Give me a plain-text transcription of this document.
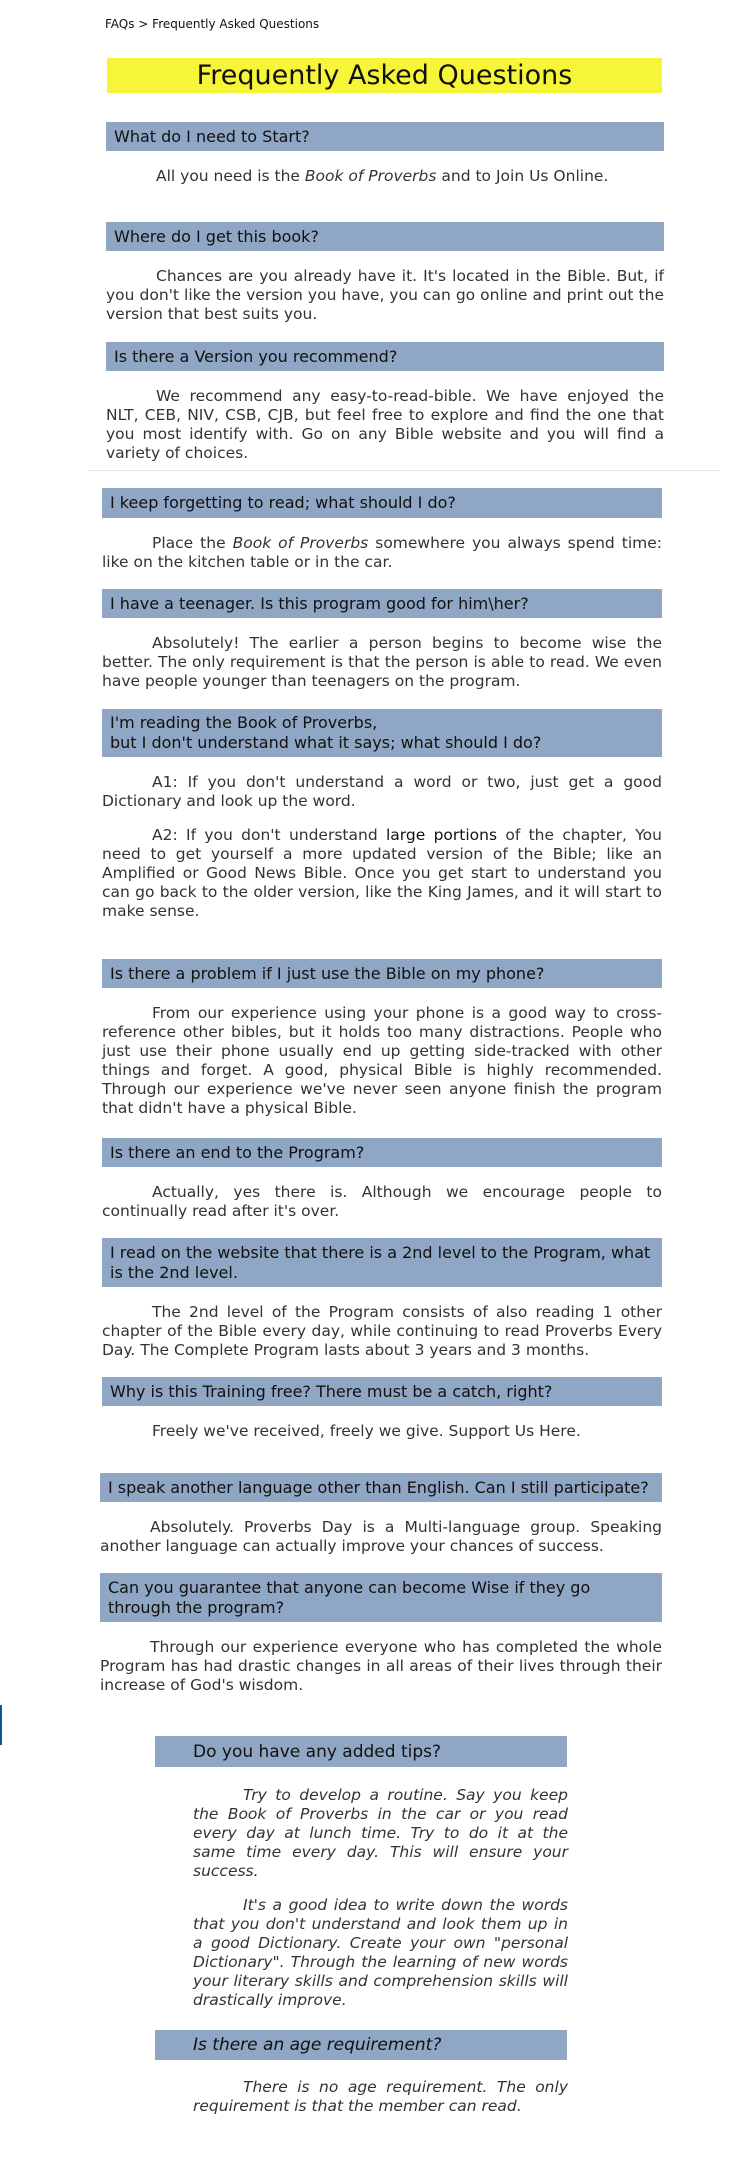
FAQs > Frequently Asked Questions
Frequently Asked Questions
What do I need to Start?

All you need is the Book of Proverbs and to Join Us Online.

Where do I get this book?

Chances are you already have it. It's located in the Bible. But, if you don't like the version you have, you can go online and print out the version that best suits you.

Is there a Version you recommend?

We recommend any easy-to-read-bible. We have enjoyed the NLT, CEB, NIV, CSB, CJB, but feel free to explore and find the one that you most identify with. Go on any Bible website and you will find a variety of choices.

I keep forgetting to read; what should I do?

Place the Book of Proverbs somewhere you always spend time: like on the kitchen table or in the car.

I have a teenager. Is this program good for him\her?

Absolutely! The earlier a person begins to become wise the better. The only requirement is that the person is able to read. We even have people younger than teenagers on the program.

I'm reading the Book of Proverbs,
but I don't understand what it says; what should I do?

A1: If you don't understand a word or two, just get a good Dictionary and look up the word.

A2: If you don't understand large portions of the chapter, You need to get yourself a more updated version of the Bible; like an Amplified or Good News Bible. Once you get start to understand you can go back to the older version, like the King James, and it will start to make sense.

Is there a problem if I just use the Bible on my phone?

From our experience using your phone is a good way to cross-reference other bibles, but it holds too many distractions. People who just use their phone usually end up getting side-tracked with other things and forget. A good, physical Bible is highly recommended. Through our experience we've never seen anyone finish the program that didn't have a physical Bible.

Is there an end to the Program?

Actually, yes there is. Although we encourage people to continually read after it's over.

I read on the website that there is a 2nd level to the Program, what is the 2nd level.

The 2nd level of the Program consists of also reading 1 other chapter of the Bible every day, while continuing to read Proverbs Every Day. The Complete Program lasts about 3 years and 3 months.

Why is this Training free? There must be a catch, right?

Freely we've received, freely we give. Support Us Here.

I speak another language other than English. Can I still participate?

Absolutely. Proverbs Day is a Multi-language group. Speaking another language can actually improve your chances of success.

Can you guarantee that anyone can become Wise if they go through the program?

Through our experience everyone who has completed the whole Program has had drastic changes in all areas of their lives through their increase of God's wisdom.

Do you have any added tips?

Try to develop a routine. Say you keep the Book of Proverbs in the car or you read every day at lunch time. Try to do it at the same time every day. This will ensure your success.

It's a good idea to write down the words that you don't understand and look them up in a good Dictionary. Create your own "personal Dictionary". Through the learning of new words your literary skills and comprehension skills will drastically improve.

Is there an age requirement?

There is no age requirement. The only requirement is that the member can read.
